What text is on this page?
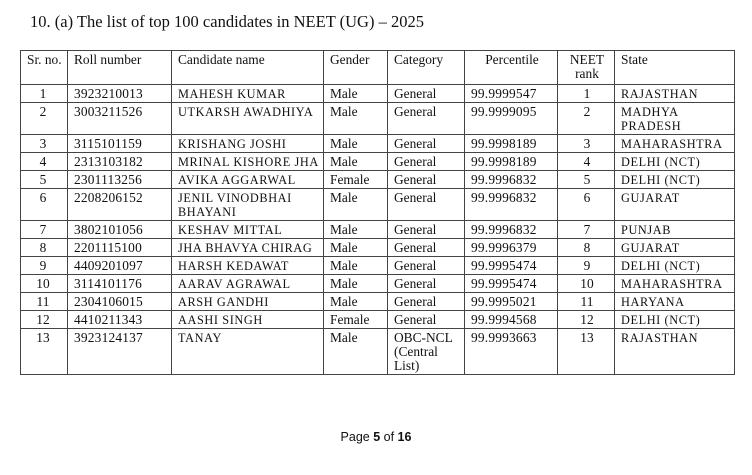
10. (a) The list of top 100 candidates in NEET (UG) – 2025
Sr. no.	Roll number	Candidate name	Gender	Category	Percentile	NEET rank	State
1	3923210013	MAHESH KUMAR	Male	General	99.9999547	1	RAJASTHAN
2	3003211526	UTKARSH AWADHIYA	Male	General	99.9999095	2	MADHYA PRADESH
3	3115101159	KRISHANG JOSHI	Male	General	99.9998189	3	MAHARASHTRA
4	2313103182	MRINAL KISHORE JHA	Male	General	99.9998189	4	DELHI (NCT)
5	2301113256	AVIKA AGGARWAL	Female	General	99.9996832	5	DELHI (NCT)
6	2208206152	JENIL VINODBHAI BHAYANI	Male	General	99.9996832	6	GUJARAT
7	3802101056	KESHAV MITTAL	Male	General	99.9996832	7	PUNJAB
8	2201115100	JHA BHAVYA CHIRAG	Male	General	99.9996379	8	GUJARAT
9	4409201097	HARSH KEDAWAT	Male	General	99.9995474	9	DELHI (NCT)
10	3114101176	AARAV AGRAWAL	Male	General	99.9995474	10	MAHARASHTRA
11	2304106015	ARSH GANDHI	Male	General	99.9995021	11	HARYANA
12	4410211343	AASHI SINGH	Female	General	99.9994568	12	DELHI (NCT)
13	3923124137	TANAY	Male	OBC-NCL (Central List)	99.9993663	13	RAJASTHAN
Page 5 of 16
